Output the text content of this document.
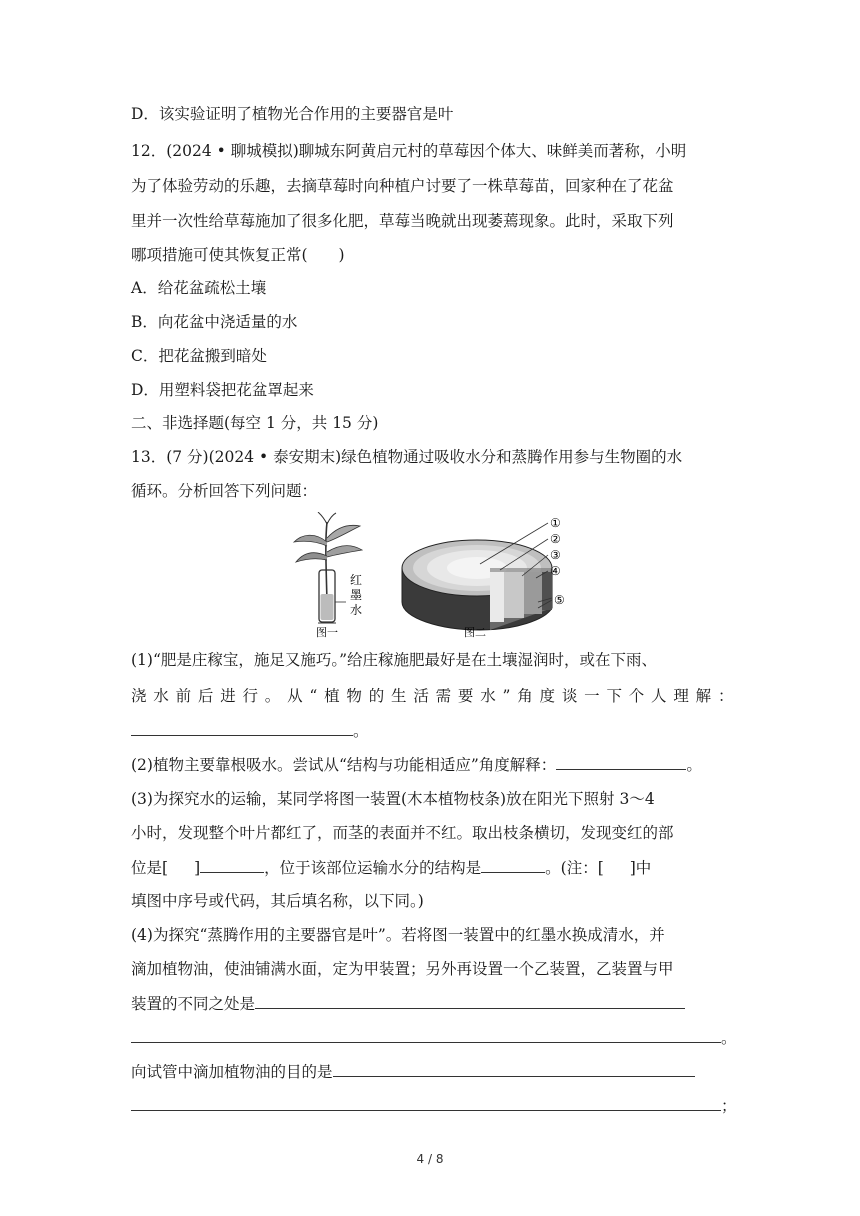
D．该实验证明了植物光合作用的主要器官是叶
12．(2024 • 聊城模拟)聊城东阿黄启元村的草莓因个体大、味鲜美而著称，小明
为了体验劳动的乐趣，去摘草莓时向种植户讨要了一株草莓苗，回家种在了花盆
里并一次性给草莓施加了很多化肥，草莓当晚就出现萎蔫现象。此时，采取下列
哪项措施可使其恢复正常(　　)
A．给花盆疏松土壤
B．向花盆中浇适量的水
C．把花盆搬到暗处
D．用塑料袋把花盆罩起来
二、非选择题(每空 1 分，共 15 分)
13．(7 分)(2024 • 泰安期末)绿色植物通过吸收水分和蒸腾作用参与生物圈的水
循环。分析回答下列问题：
红
墨
水
图一
①
②
③
④
⑤
图二
(1)“肥是庄稼宝，施足又施巧。”给庄稼施肥最好是在土壤湿润时，或在下雨、
浇水前后进行。从“植物的生活需要水”角度谈一下个人理解：
。
(2)植物主要靠根吸水。尝试从“结构与功能相适应”角度解释：	。
(3)为探究水的运输，某同学将图一装置(木本植物枝条)放在阳光下照射 3～4
小时，发现整个叶片都红了，而茎的表面并不红。取出枝条横切，发现变红的部
位是[ ]	，位于该部位运输水分的结构是	。(注：[ ]中
填图中序号或代码，其后填名称，以下同。)
(4)为探究“蒸腾作用的主要器官是叶”。若将图一装置中的红墨水换成清水，并
滴加植物油，使油铺满水面，定为甲装置；另外再设置一个乙装置，乙装置与甲
装置的不同之处是
。
向试管中滴加植物油的目的是
；
4 / 8
